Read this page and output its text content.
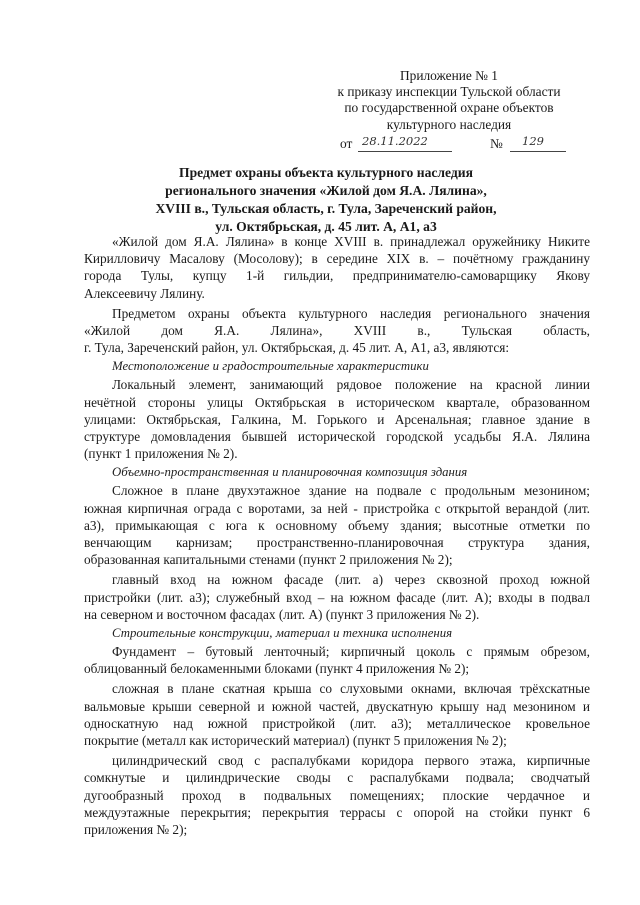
Приложение № 1
к приказу инспекции Тульской области
по государственной охране объектов
культурного наследия
от 28.11.2022	№ 129
Предмет охраны объекта культурного наследия
регионального значения «Жилой дом Я.А. Лялина»,
XVIII в., Тульская область, г. Тула, Зареченский район,
ул. Октябрьская, д. 45 лит. А, А1, а3
«Жилой дом Я.А. Лялина» в конце XVIII в. принадлежал оружейнику Никите
Кирилловичу Масалову (Мосолову); в середине XIX в. – почётному гражданину
города Тулы, купцу 1-й гильдии, предпринимателю-самоварщику Якову
Алексеевичу Лялину.
Предметом охраны объекта культурного наследия регионального значения
«Жилой дом Я.А. Лялина», XVIII в., Тульская область,
г. Тула, Зареченский район, ул. Октябрьская, д. 45 лит. А, А1, а3, являются:
Местоположение и градостроительные характеристики
Локальный элемент, занимающий рядовое положение на красной линии
нечётной стороны улицы Октябрьская в историческом квартале, образованном
улицами: Октябрьская, Галкина, М. Горького и Арсенальная; главное здание в
структуре домовладения бывшей исторической городской усадьбы Я.А. Лялина
(пункт 1 приложения № 2).
Объемно-пространственная и планировочная композиция здания
Сложное в плане двухэтажное здание на подвале с продольным мезонином;
южная кирпичная ограда с воротами, за ней - пристройка с открытой верандой (лит.
а3), примыкающая с юга к основному объему здания; высотные отметки по
венчающим карнизам; пространственно-планировочная структура здания,
образованная капитальными стенами (пункт 2 приложения № 2);
главный вход на южном фасаде (лит. а) через сквозной проход южной
пристройки (лит. а3); служебный вход – на южном фасаде (лит. А); входы в подвал
на северном и восточном фасадах (лит. А) (пункт 3 приложения № 2).
Строительные конструкции, материал и техника исполнения
Фундамент – бутовый ленточный; кирпичный цоколь с прямым обрезом,
облицованный белокаменными блоками (пункт 4 приложения № 2);
сложная в плане скатная крыша со слуховыми окнами, включая трёхскатные
вальмовые крыши северной и южной частей, двускатную крышу над мезонином и
односкатную над южной пристройкой (лит. а3); металлическое кровельное
покрытие (металл как исторический материал) (пункт 5 приложения № 2);
цилиндрический свод с распалубками коридора первого этажа, кирпичные
сомкнутые и цилиндрические своды с распалубками подвала; сводчатый
дугообразный проход в подвальных помещениях; плоские чердачное и
междуэтажные перекрытия; перекрытия террасы с опорой на стойки пункт 6
приложения № 2);
